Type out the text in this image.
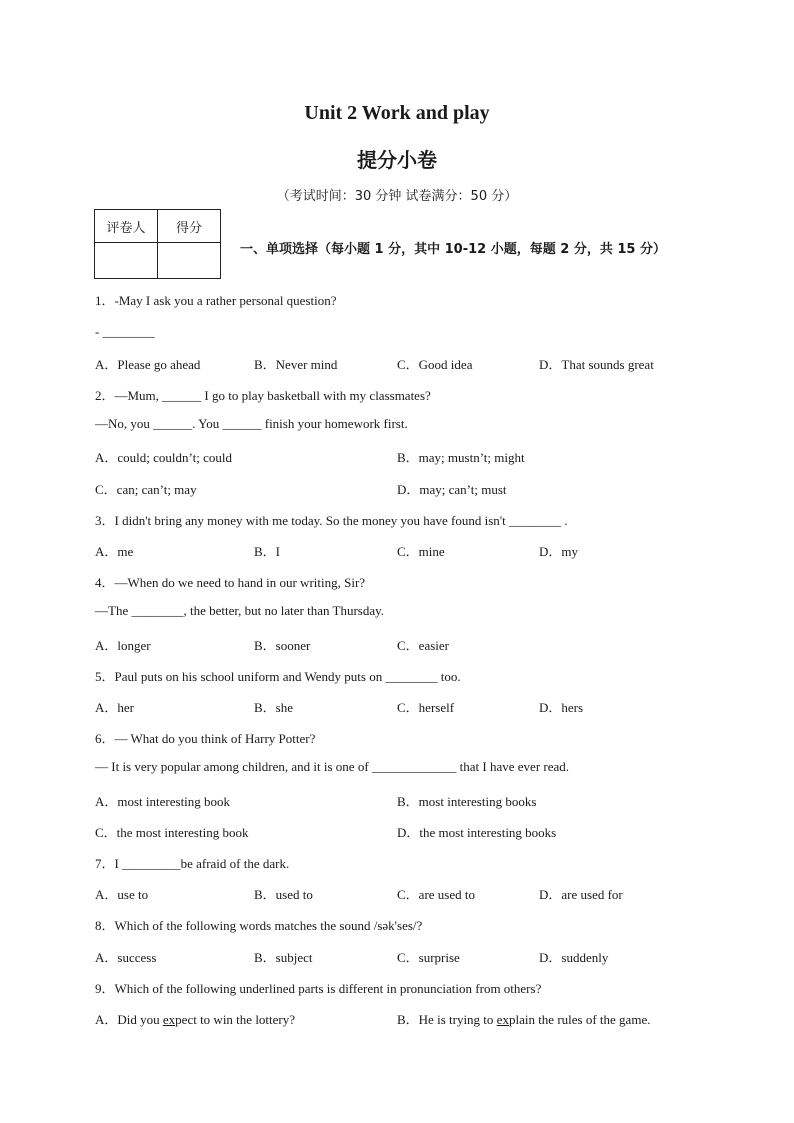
Unit 2 Work and play
提分小卷
（考试时间：30 分钟 试卷满分：50 分）
评卷人	得分

一、单项选择（每小题 1 分，其中 10-12 小题，每题 2 分，共 15 分）
1．-May I ask you a rather personal question?
- ________
A．Please go ahead	B．Never mind	C．Good idea	D．That sounds great
2．—Mum, ______ I go to play basketball with my classmates?
—No, you ______. You ______ finish your homework first.
A．could; couldn’t; could	B．may; mustn’t; might
C．can; can’t; may	D．may; can’t; must
3．I didn't bring any money with me today. So the money you have found isn't ________ .
A．me	B．I	C．mine	D．my
4．—When do we need to hand in our writing, Sir?
—The ________, the better, but no later than Thursday.
A．longer	B．sooner	C．easier
5．Paul puts on his school uniform and Wendy puts on ________ too.
A．her	B．she	C．herself	D．hers
6．— What do you think of Harry Potter?
— It is very popular among children, and it is one of _____________ that I have ever read.
A．most interesting book	B．most interesting books
C．the most interesting book	D．the most interesting books
7．I _________be afraid of the dark.
A．use to	B．used to	C．are used to	D．are used for
8．Which of the following words matches the sound /sək'ses/?
A．success	B．subject	C．surprise	D．suddenly
9．Which of the following underlined parts is different in pronunciation from others?
A．Did you expect to win the lottery?	B．He is trying to explain the rules of the game.
